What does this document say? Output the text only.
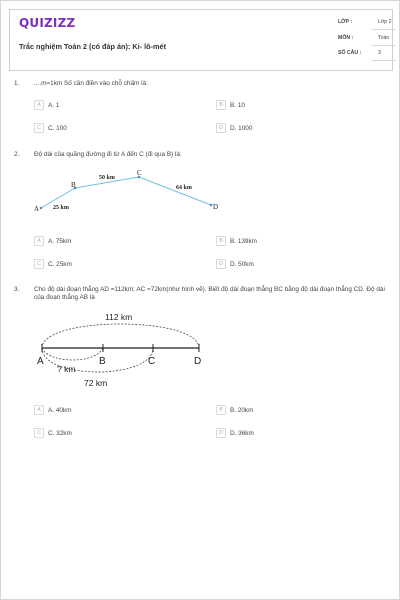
QUIZIZZ
Trắc nghiệm Toán 2 (có đáp án): Ki- lô-mét
LỚP :	Lớp 2
MÔN :	Toán
SỐ CÂU :	3
1. ....m=1km Số cần điền vào chỗ chấm là:
A	A. 1	B	B. 10
C	C. 100	D	D. 1000
2. Độ dài của quãng đường đi từ A đến C (đi qua B) là:
A
B
C
D
25 km
50 km
64 km
A	A. 75km	B	B. 139km
C	C. 25km	D	D. 50km
3. Cho độ dài đoạn thẳng AD =112km; AC =72km(như hình vẽ). Biết độ dài đoạn thẳng BC bằng độ dài đoạn thẳng CD. Độ dài của đoạn thẳng AB là
A	B	C	D
112 km
? km
72 km
A	A. 40km	B	B. 20km
C	C. 32km	D	D. 36km
